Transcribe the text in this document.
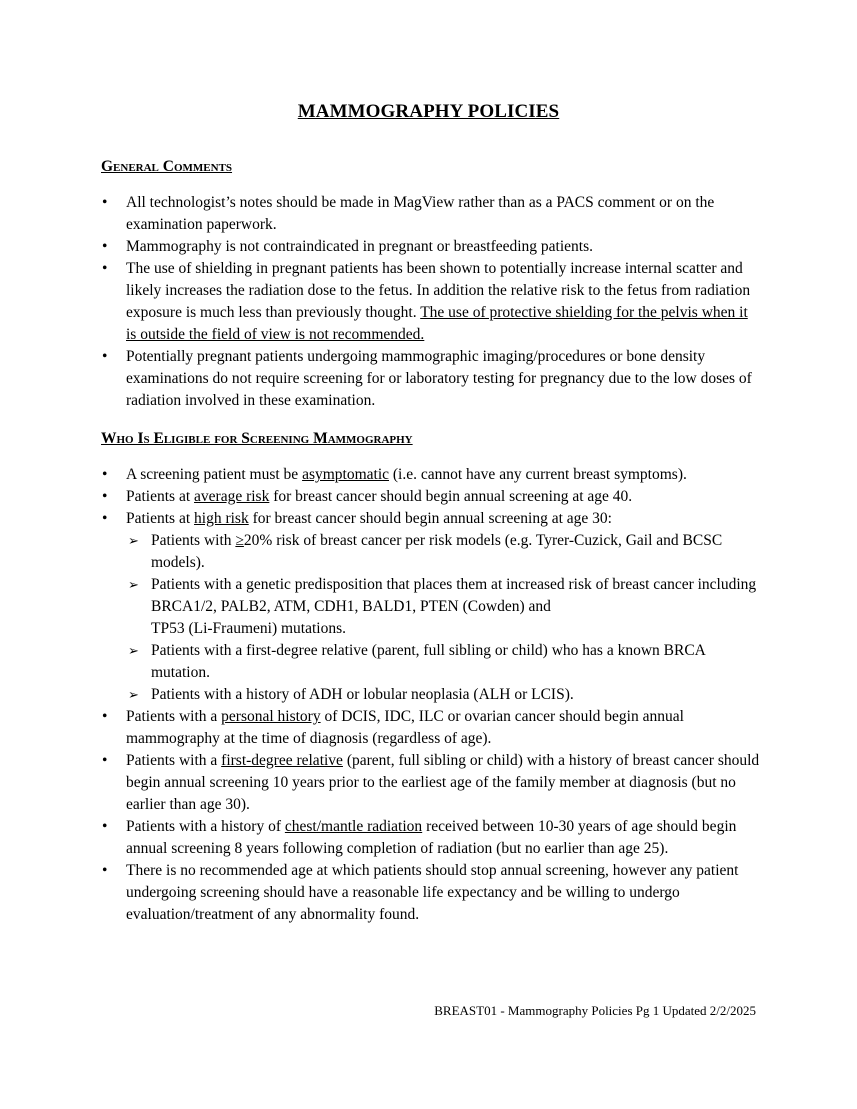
MAMMOGRAPHY POLICIES
General Comments
• All technologist’s notes should be made in MagView rather than as a PACS comment or on the examination paperwork.
• Mammography is not contraindicated in pregnant or breastfeeding patients.
• The use of shielding in pregnant patients has been shown to potentially increase internal scatter and likely increases the radiation dose to the fetus. In addition the relative risk to the fetus from radiation exposure is much less than previously thought. The use of protective shielding for the pelvis when it is outside the field of view is not recommended.
• Potentially pregnant patients undergoing mammographic imaging/procedures or bone density examinations do not require screening for or laboratory testing for pregnancy due to the low doses of radiation involved in these examination.
Who Is Eligible for Screening Mammography
• A screening patient must be asymptomatic (i.e. cannot have any current breast symptoms).
• Patients at average risk for breast cancer should begin annual screening at age 40.
• Patients at high risk for breast cancer should begin annual screening at age 30:
➢ Patients with ≥20% risk of breast cancer per risk models (e.g. Tyrer-Cuzick, Gail and BCSC models).
➢ Patients with a genetic predisposition that places them at increased risk of breast cancer including BRCA1/2, PALB2, ATM, CDH1, BALD1, PTEN (Cowden) and
TP53 (Li-Fraumeni) mutations.
➢ Patients with a first-degree relative (parent, full sibling or child) who has a known BRCA mutation.
➢ Patients with a history of ADH or lobular neoplasia (ALH or LCIS).
• Patients with a personal history of DCIS, IDC, ILC or ovarian cancer should begin annual mammography at the time of diagnosis (regardless of age).
• Patients with a first-degree relative (parent, full sibling or child) with a history of breast cancer should begin annual screening 10 years prior to the earliest age of the family member at diagnosis (but no earlier than age 30).
• Patients with a history of chest/mantle radiation received between 10-30 years of age should begin annual screening 8 years following completion of radiation (but no earlier than age 25).
• There is no recommended age at which patients should stop annual screening, however any patient undergoing screening should have a reasonable life expectancy and be willing to undergo evaluation/treatment of any abnormality found.
BREAST01 - Mammography Policies Pg 1 Updated 2/2/2025
